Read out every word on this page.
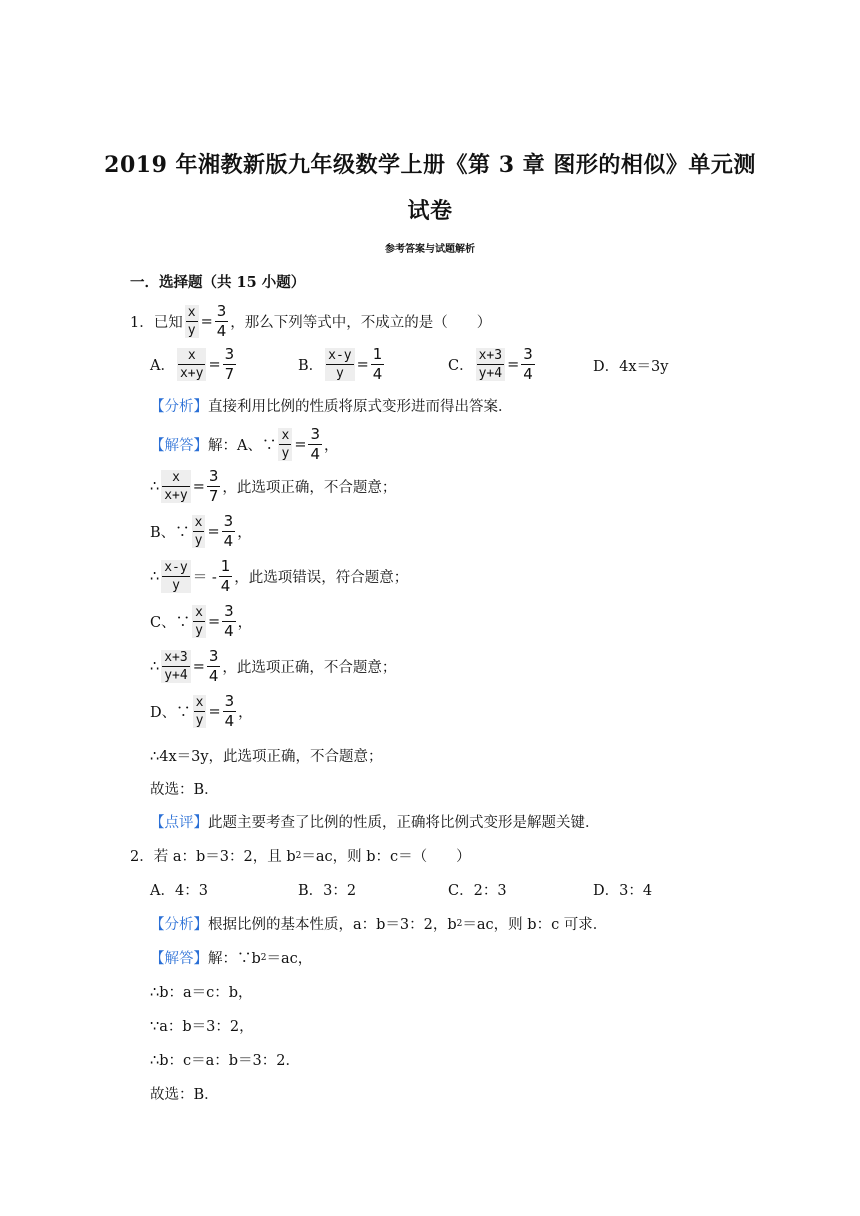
2019 年湘教新版九年级数学上册《第 3 章 图形的相似》单元测
试卷
参考答案与试题解析
一．选择题（共 15 小题）
1．已知 $\frac{x}{y} = \frac{3}{4}$ ，那么下列等式中，不成立的是（　　）
A． $\frac{x}{x+y} = \frac{3}{7}$	B． $\frac{x-y}{y} = \frac{1}{4}$	C． $\frac{x+3}{y+4} = \frac{3}{4}$	D．4x＝3y
【分析】 直接利用比例的性质将原式变形进而得出答案．
【解答】 解：A、∵ $\frac{x}{y} = \frac{3}{4}$ ，
∴ $\frac{x}{x+y} = \frac{3}{7}$ ，此选项正确，不合题意；
B、∵ $\frac{x}{y} = \frac{3}{4}$ ，
∴ $\frac{x-y}{y}$ ＝ - $\frac{1}{4}$ ，此选项错误，符合题意；
C、∵ $\frac{x}{y} = \frac{3}{4}$ ，
∴ $\frac{x+3}{y+4} = \frac{3}{4}$ ，此选项正确，不合题意；
D、∵ $\frac{x}{y} = \frac{3}{4}$ ，
∴4x＝3y，此选项正确，不合题意；
故选：B．
【点评】 此题主要考查了比例的性质，正确将比例式变形是解题关键．
2．若 a：b＝3：2，且 b 2 ＝ac，则 b：c＝（　　）
A．4：3	B．3：2	C．2：3	D．3：4
【分析】 根据比例的基本性质，a：b＝3：2，b 2 ＝ac，则 b：c 可求．
【解答】 解：∵b 2 ＝ac，
∴b：a＝c：b，
∵a：b＝3：2，
∴b：c＝a：b＝3：2．
故选：B．
